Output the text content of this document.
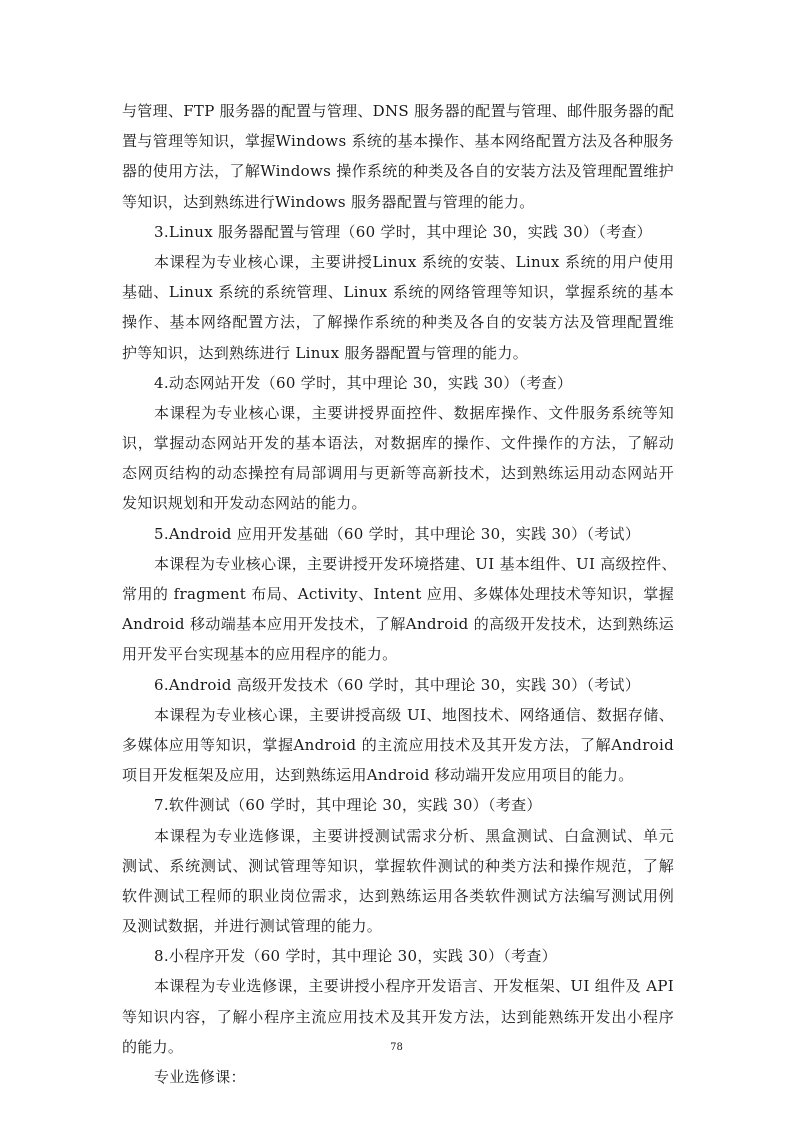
与管理、FTP 服务器的配置与管理、DNS 服务器的配置与管理、邮件服务器的配
置与管理等知识，掌握Windows 系统的基本操作、基本网络配置方法及各种服务
器的使用方法，了解Windows 操作系统的种类及各自的安装方法及管理配置维护
等知识，达到熟练进行Windows 服务器配置与管理的能力。
3.Linux 服务器配置与管理（60 学时，其中理论 30，实践 30）（考查）
本课程为专业核心课，主要讲授Linux 系统的安装、Linux 系统的用户使用
基础、Linux 系统的系统管理、Linux 系统的网络管理等知识，掌握系统的基本
操作、基本网络配置方法，了解操作系统的种类及各自的安装方法及管理配置维
护等知识，达到熟练进行 Linux 服务器配置与管理的能力。
4.动态网站开发（60 学时，其中理论 30，实践 30）（考查）
本课程为专业核心课，主要讲授界面控件、数据库操作、文件服务系统等知
识，掌握动态网站开发的基本语法，对数据库的操作、文件操作的方法，了解动
态网页结构的动态操控有局部调用与更新等高新技术，达到熟练运用动态网站开
发知识规划和开发动态网站的能力。
5.Android 应用开发基础（60 学时，其中理论 30，实践 30）（考试）
本课程为专业核心课，主要讲授开发环境搭建、UI 基本组件、UI 高级控件、
常用的 fragment 布局、Activity、Intent 应用、多媒体处理技术等知识，掌握
Android 移动端基本应用开发技术，了解Android 的高级开发技术，达到熟练运
用开发平台实现基本的应用程序的能力。
6.Android 高级开发技术（60 学时，其中理论 30，实践 30）（考试）
本课程为专业核心课，主要讲授高级 UI、地图技术、网络通信、数据存储、
多媒体应用等知识，掌握Android 的主流应用技术及其开发方法，了解Android
项目开发框架及应用，达到熟练运用Android 移动端开发应用项目的能力。
7.软件测试（60 学时，其中理论 30，实践 30）（考查）
本课程为专业选修课，主要讲授测试需求分析、黑盒测试、白盒测试、单元
测试、系统测试、测试管理等知识，掌握软件测试的种类方法和操作规范，了解
软件测试工程师的职业岗位需求，达到熟练运用各类软件测试方法编写测试用例
及测试数据，并进行测试管理的能力。
8.小程序开发（60 学时，其中理论 30，实践 30）（考查）
本课程为专业选修课，主要讲授小程序开发语言、开发框架、UI 组件及 API
等知识内容，了解小程序主流应用技术及其开发方法，达到能熟练开发出小程序
的能力。
专业选修课：
78
